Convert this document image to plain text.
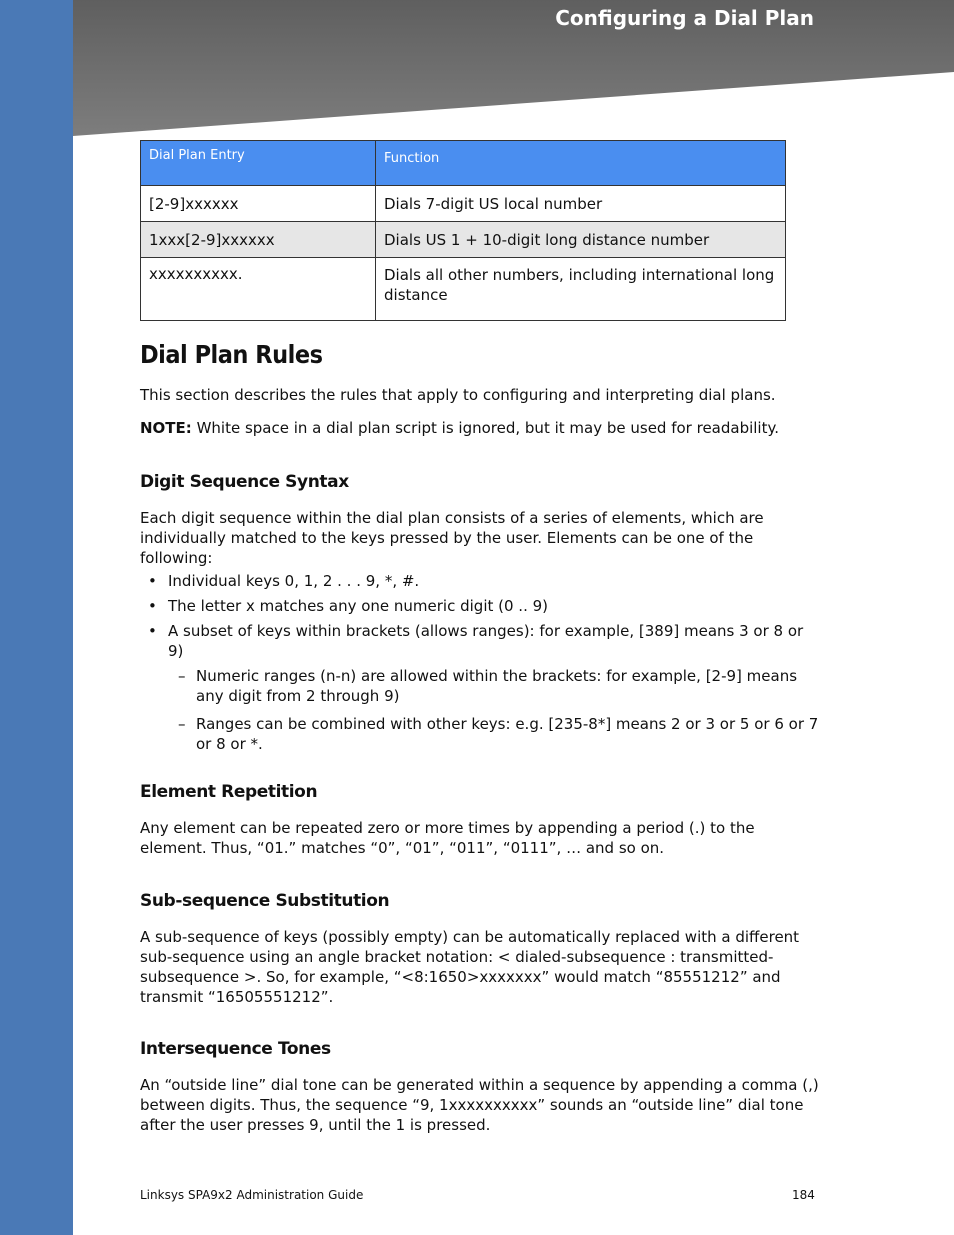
Configuring a Dial Plan
Dial Plan Entry	Function
[2-9]xxxxxx	Dials 7-digit US local number
1xxx[2-9]xxxxxx	Dials US 1 + 10-digit long distance number
xxxxxxxxxx.	Dials all other numbers, including international long distance
Dial Plan Rules

This section describes the rules that apply to configuring and interpreting dial plans.

NOTE: White space in a dial plan script is ignored, but it may be used for readability.

Digit Sequence Syntax

Each digit sequence within the dial plan consists of a series of elements, which are individually matched to the keys pressed by the user. Elements can be one of the following:

• Individual keys 0, 1, 2 . . . 9, *, #.
• The letter x matches any one numeric digit (0 .. 9)
• A subset of keys within brackets (allows ranges): for example, [389] means 3 or 8 or 9)
– Numeric ranges (n-n) are allowed within the brackets: for example, [2-9] means any digit from 2 through 9)
– Ranges can be combined with other keys: e.g. [235-8*] means 2 or 3 or 5 or 6 or 7 or 8 or *.
Element Repetition

Any element can be repeated zero or more times by appending a period (.) to the element. Thus, “01.” matches “0”, “01”, “011”, “0111”, … and so on.

Sub-sequence Substitution

A sub-sequence of keys (possibly empty) can be automatically replaced with a different sub-sequence using an angle bracket notation: < dialed-subsequence : transmitted-subsequence >. So, for example, “<8:1650>xxxxxxx” would match “85551212” and transmit “16505551212”.

Intersequence Tones

An “outside line” dial tone can be generated within a sequence by appending a comma (,) between digits. Thus, the sequence “9, 1xxxxxxxxxx” sounds an “outside line” dial tone after the user presses 9, until the 1 is pressed.

Linksys SPA9x2 Administration Guide	184
